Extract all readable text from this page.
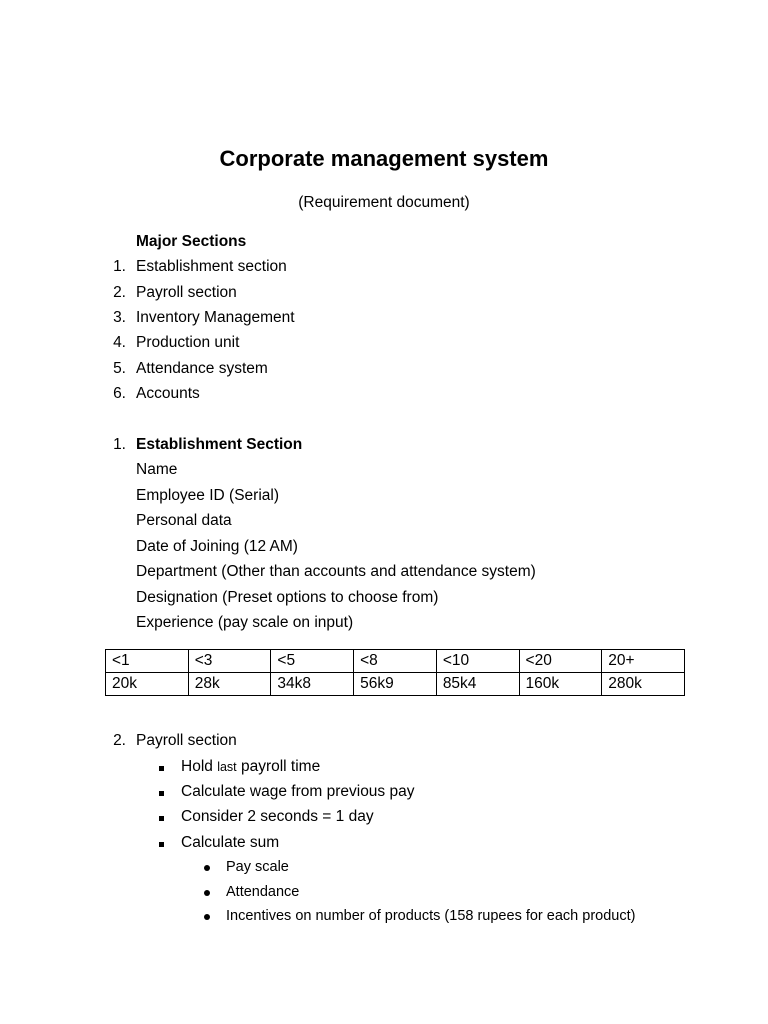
Corporate management system
(Requirement document)
Major Sections
1. Establishment section
2. Payroll section
3. Inventory Management
4. Production unit
5. Attendance system
6. Accounts
1. Establishment Section
Name
Employee ID (Serial)
Personal data
Date of Joining (12 AM)
Department (Other than accounts and attendance system)
Designation (Preset options to choose from)
Experience (pay scale on input)
<1	<3	<5	<8	<10	<20	20+
20k	28k	34k8	56k9	85k4	160k	280k
2. Payroll section
Hold last payroll time
Calculate wage from previous pay
Consider 2 seconds = 1 day
Calculate sum
Pay scale
Attendance
Incentives on number of products (158 rupees for each product)
